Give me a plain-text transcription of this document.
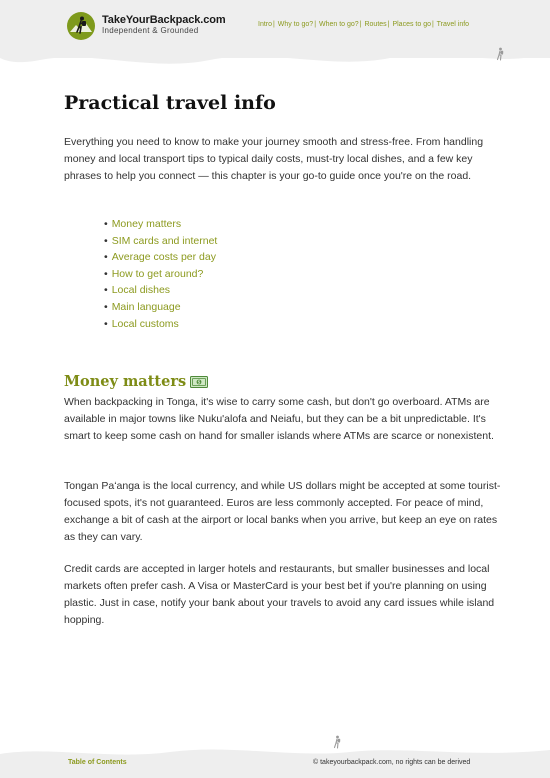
TakeYourBackpack.com
Independent & Grounded
Intro| Why to go?| When to go?| Routes| Places to go| Travel info
Practical travel info

Everything you need to know to make your journey smooth and stress-free. From handling money and local transport tips to typical daily costs, must-try local dishes, and a few key phrases to help you connect — this chapter is your go-to guide once you're on the road.

• Money matters
• SIM cards and internet
• Average costs per day
• How to get around?
• Local dishes
• Main language
• Local customs
Money matters	$

When backpacking in Tonga, it's wise to carry some cash, but don't go overboard. ATMs are available in major towns like Nuku'alofa and Neiafu, but they can be a bit unpredictable. It's smart to keep some cash on hand for smaller islands where ATMs are scarce or nonexistent.

Tongan Paʻanga is the local currency, and while US dollars might be accepted at some tourist-focused spots, it's not guaranteed. Euros are less commonly accepted. For peace of mind, exchange a bit of cash at the airport or local banks when you arrive, but keep an eye on rates as they can vary.

Credit cards are accepted in larger hotels and restaurants, but smaller businesses and local markets often prefer cash. A Visa or MasterCard is your best bet if you're planning on using plastic. Just in case, notify your bank about your travels to avoid any card issues while island hopping.

Table of Contents	© takeyourbackpack.com, no rights can be derived
